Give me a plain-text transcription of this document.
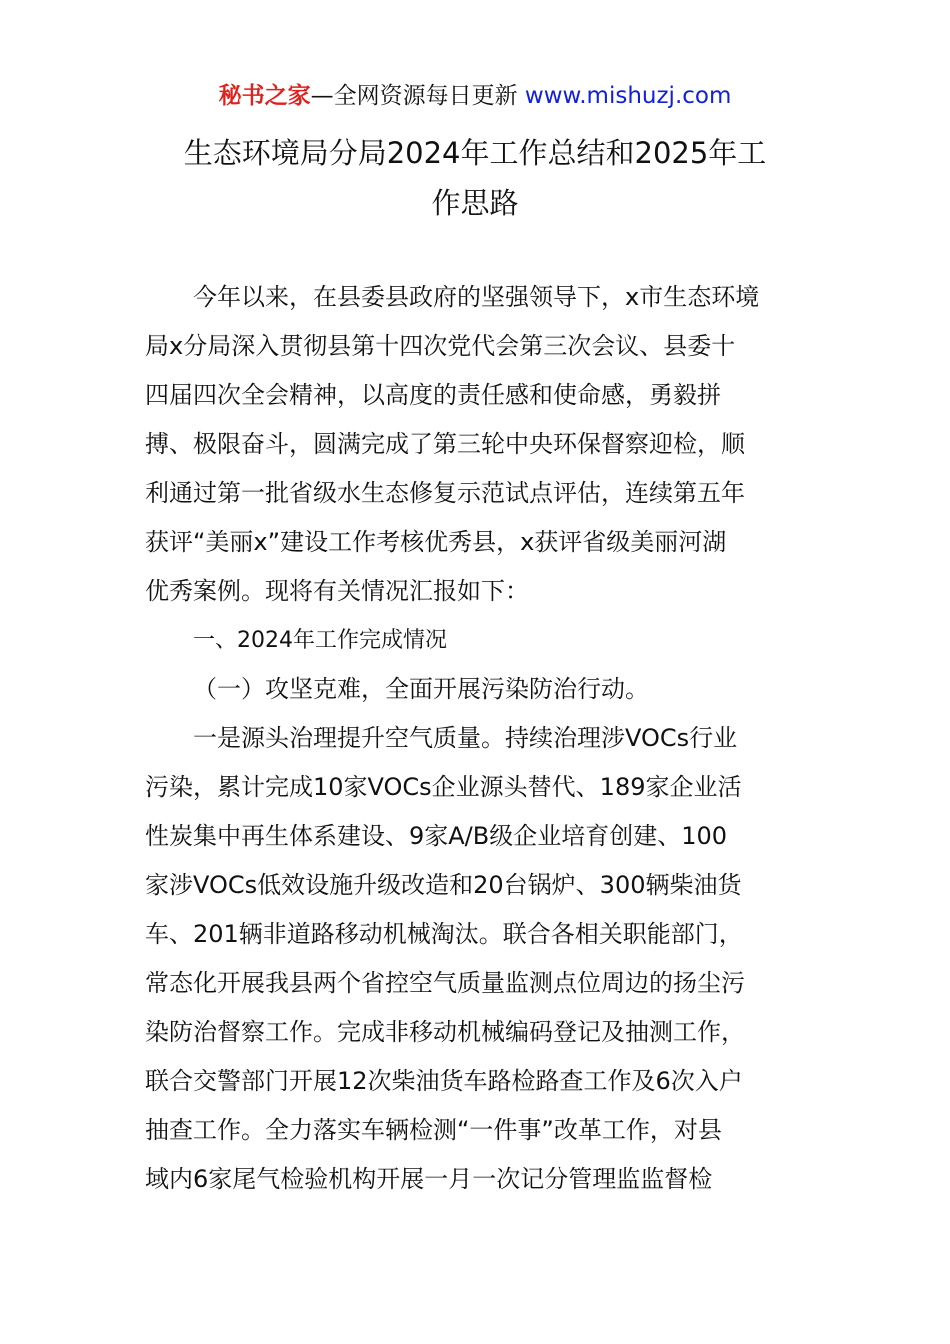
秘书之家—全网资源每日更新 www.mishuzj.com
生态环境局分局2024年工作总结和2025年工
作思路
今年以来，在县委县政府的坚强领导下，x市生态环境
局x分局深入贯彻县第十四次党代会第三次会议、县委十
四届四次全会精神，以高度的责任感和使命感，勇毅拼
搏、极限奋斗，圆满完成了第三轮中央环保督察迎检，顺
利通过第一批省级水生态修复示范试点评估，连续第五年
获评“美丽x”建设工作考核优秀县，x获评省级美丽河湖
优秀案例。现将有关情况汇报如下：
一、2024年工作完成情况
（一）攻坚克难，全面开展污染防治行动。
一是源头治理提升空气质量。持续治理涉VOCs行业
污染，累计完成10家VOCs企业源头替代、189家企业活
性炭集中再生体系建设、9家A/B级企业培育创建、100
家涉VOCs低效设施升级改造和20台锅炉、300辆柴油货
车、201辆非道路移动机械淘汰。联合各相关职能部门，
常态化开展我县两个省控空气质量监测点位周边的扬尘污
染防治督察工作。完成非移动机械编码登记及抽测工作，
联合交警部门开展12次柴油货车路检路查工作及6次入户
抽查工作。全力落实车辆检测“一件事”改革工作，对县
域内6家尾气检验机构开展一月一次记分管理监监督检
